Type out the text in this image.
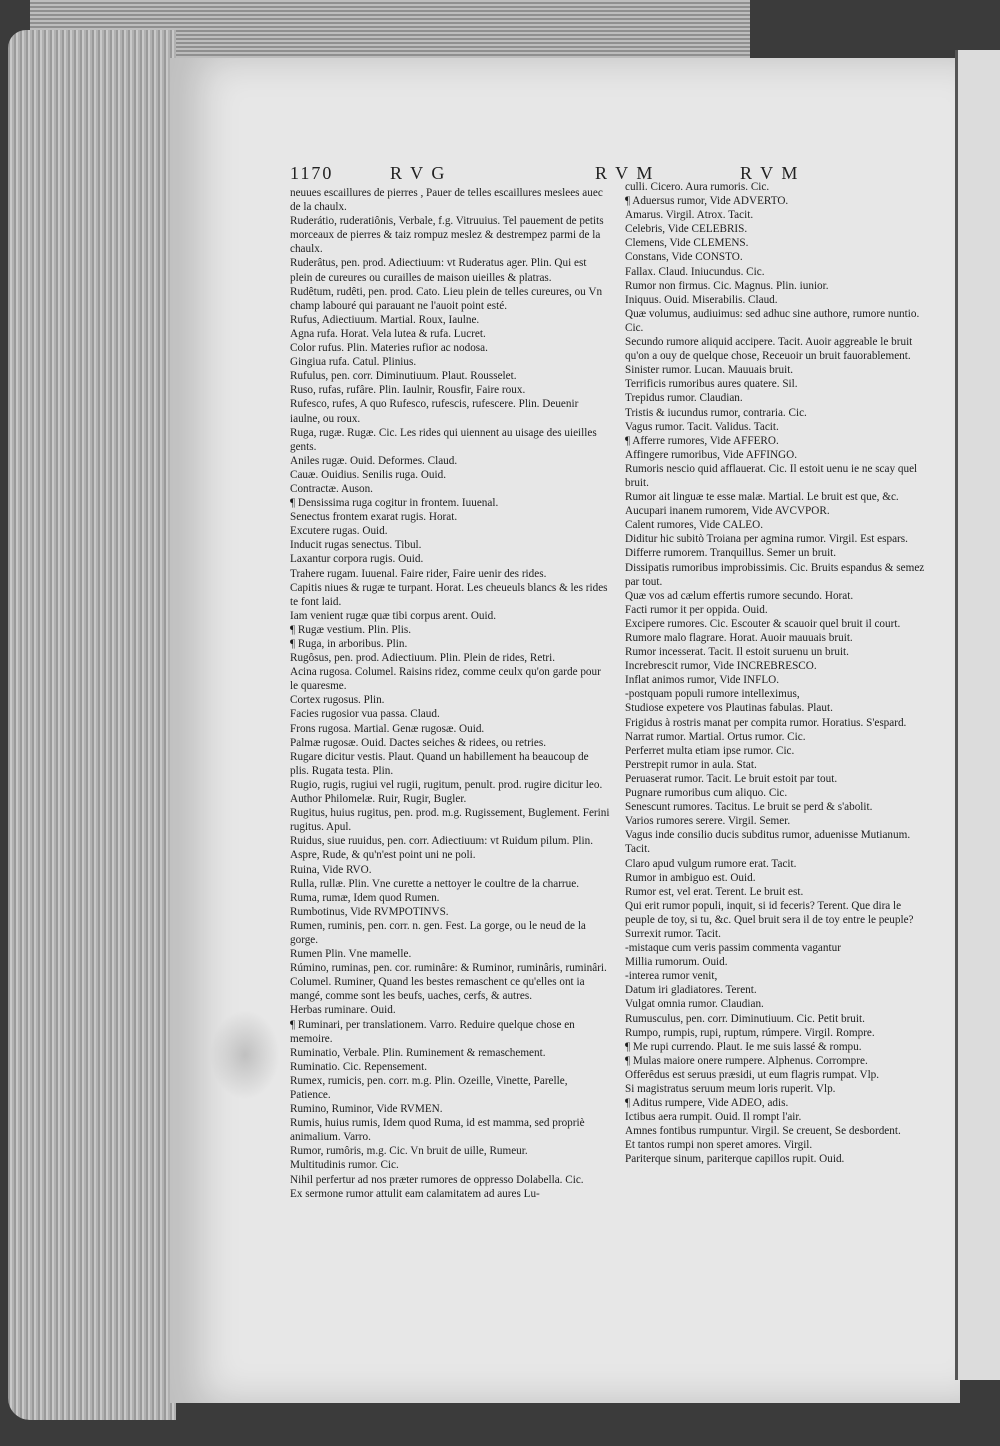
1170	R V G	R V M	R V M

neuues escaillures de pierres , Pauer de telles escaillures meslees auec de la chaulx.

Ruderátio, ruderatiônis, Verbale, f.g. Vitruuius. Tel pauement de petits morceaux de pierres & taiz rompuz meslez & destrempez parmi de la chaulx.

Ruderâtus, pen. prod. Adiectiuum: vt Ruderatus ager. Plin. Qui est plein de cureures ou curailles de maison uieilles & platras.

Rudêtum, rudêti, pen. prod. Cato. Lieu plein de telles cureures, ou Vn champ labouré qui parauant ne l'auoit point esté.

Rufus, Adiectiuum. Martial. Roux, Iaulne.

Agna rufa. Horat. Vela lutea & rufa. Lucret.

Color rufus. Plin. Materies rufior ac nodosa.

Gingiua rufa. Catul. Plinius.

Rufulus, pen. corr. Diminutiuum. Plaut. Rousselet.

Ruso, rufas, rufâre. Plin. Iaulnir, Rousfir, Faire roux.

Rufesco, rufes, A quo Rufesco, rufescis, rufescere. Plin. Deuenir iaulne, ou roux.

Ruga, rugæ. Rugæ. Cic. Les rides qui uiennent au uisage des uieilles gents.

Aniles rugæ. Ouid. Deformes. Claud.

Cauæ. Ouidius. Senilis ruga. Ouid.

Contractæ. Auson.

¶ Densissima ruga cogitur in frontem. Iuuenal.

Senectus frontem exarat rugis. Horat.

Excutere rugas. Ouid.

Inducit rugas senectus. Tibul.

Laxantur corpora rugis. Ouid.

Trahere rugam. Iuuenal. Faire rider, Faire uenir des rides.

Capitis niues & rugæ te turpant. Horat. Les cheueuls blancs & les rides te font laid.

Iam venient rugæ quæ tibi corpus arent. Ouid.

¶ Rugæ vestium. Plin. Plis.

¶ Ruga, in arboribus. Plin.

Rugôsus, pen. prod. Adiectiuum. Plin. Plein de rides, Retri.

Acina rugosa. Columel. Raisins ridez, comme ceulx qu'on garde pour le quaresme.

Cortex rugosus. Plin.

Facies rugosior vua passa. Claud.

Frons rugosa. Martial. Genæ rugosæ. Ouid.

Palmæ rugosæ. Ouid. Dactes seiches & ridees, ou retries.

Rugare dicitur vestis. Plaut. Quand un habillement ha beaucoup de plis. Rugata testa. Plin.

Rugio, rugis, rugiui vel rugii, rugitum, penult. prod. rugire dicitur leo. Author Philomelæ. Ruir, Rugir, Bugler.

Rugitus, huius rugitus, pen. prod. m.g. Rugissement, Buglement. Ferini rugitus. Apul.

Ruidus, siue ruuidus, pen. corr. Adiectiuum: vt Ruidum pilum. Plin. Aspre, Rude, & qu'n'est point uni ne poli.

Ruina, Vide RVO.

Rulla, rullæ. Plin. Vne curette a nettoyer le coultre de la charrue.

Ruma, rumæ, Idem quod Rumen.

Rumbotinus, Vide RVMPOTINVS.

Rumen, ruminis, pen. corr. n. gen. Fest. La gorge, ou le neud de la gorge.

Rumen Plin. Vne mamelle.

Rúmino, ruminas, pen. cor. ruminâre: & Ruminor, ruminâris, ruminâri. Columel. Ruminer, Quand les bestes remaschent ce qu'elles ont ia mangé, comme sont les beufs, uaches, cerfs, & autres.

Herbas ruminare. Ouid.

¶ Ruminari, per translationem. Varro. Reduire quelque chose en memoire.

Ruminatio, Verbale. Plin. Ruminement & remaschement.

Ruminatio. Cic. Repensement.

Rumex, rumicis, pen. corr. m.g. Plin. Ozeille, Vinette, Parelle, Patience.

Rumino, Ruminor, Vide RVMEN.

Rumis, huius rumis, Idem quod Ruma, id est mamma, sed propriè animalium. Varro.

Rumor, rumôris, m.g. Cic. Vn bruit de uille, Rumeur.

Multitudinis rumor. Cic.

Nihil perfertur ad nos præter rumores de oppresso Dolabella. Cic.

Ex sermone rumor attulit eam calamitatem ad aures Lu-

culli. Cicero. Aura rumoris. Cic.

¶ Aduersus rumor, Vide ADVERTO.

Amarus. Virgil. Atrox. Tacit.

Celebris, Vide CELEBRIS.

Clemens, Vide CLEMENS.

Constans, Vide CONSTO.

Fallax. Claud. Iniucundus. Cic.

Rumor non firmus. Cic. Magnus. Plin. iunior.

Iniquus. Ouid. Miserabilis. Claud.

Quæ volumus, audiuimus: sed adhuc sine authore, rumore nuntio. Cic.

Secundo rumore aliquid accipere. Tacit. Auoir aggreable le bruit qu'on a ouy de quelque chose, Receuoir un bruit fauorablement.

Sinister rumor. Lucan. Mauuais bruit.

Terrificis rumoribus aures quatere. Sil.

Trepidus rumor. Claudian.

Tristis & iucundus rumor, contraria. Cic.

Vagus rumor. Tacit. Validus. Tacit.

¶ Afferre rumores, Vide AFFERO.

Affingere rumoribus, Vide AFFINGO.

Rumoris nescio quid afflauerat. Cic. Il estoit uenu ie ne scay quel bruit.

Rumor ait linguæ te esse malæ. Martial. Le bruit est que, &c.

Aucupari inanem rumorem, Vide AVCVPOR.

Calent rumores, Vide CALEO.

Diditur hic subitò Troiana per agmina rumor. Virgil. Est espars.

Differre rumorem. Tranquillus. Semer un bruit.

Dissipatis rumoribus improbissimis. Cic. Bruits espandus & semez par tout.

Quæ vos ad cælum effertis rumore secundo. Horat.

Facti rumor it per oppida. Ouid.

Excipere rumores. Cic. Escouter & scauoir quel bruit il court.

Rumore malo flagrare. Horat. Auoir mauuais bruit.

Rumor incesserat. Tacit. Il estoit suruenu un bruit.

Increbrescit rumor, Vide INCREBRESCO.

Inflat animos rumor, Vide INFLO.

-postquam populi rumore intelleximus,

Studiose expetere vos Plautinas fabulas. Plaut.

Frigidus à rostris manat per compita rumor. Horatius. S'espard.

Narrat rumor. Martial. Ortus rumor. Cic.

Perferret multa etiam ipse rumor. Cic.

Perstrepit rumor in aula. Stat.

Peruaserat rumor. Tacit. Le bruit estoit par tout.

Pugnare rumoribus cum aliquo. Cic.

Senescunt rumores. Tacitus. Le bruit se perd & s'abolit.

Varios rumores serere. Virgil. Semer.

Vagus inde consilio ducis subditus rumor, aduenisse Mutianum. Tacit.

Claro apud vulgum rumore erat. Tacit.

Rumor in ambiguo est. Ouid.

Rumor est, vel erat. Terent. Le bruit est.

Qui erit rumor populi, inquit, si id feceris? Terent. Que dira le peuple de toy, si tu, &c. Quel bruit sera il de toy entre le peuple? Surrexit rumor. Tacit.

-mistaque cum veris passim commenta vagantur

Millia rumorum. Ouid.

-interea rumor venit,

Datum iri gladiatores. Terent.

Vulgat omnia rumor. Claudian.

Rumusculus, pen. corr. Diminutiuum. Cic. Petit bruit.

Rumpo, rumpis, rupi, ruptum, rúmpere. Virgil. Rompre.

¶ Me rupi currendo. Plaut. Ie me suis lassé & rompu.

¶ Mulas maiore onere rumpere. Alphenus. Corrompre.

Offerêdus est seruus præsidi, ut eum flagris rumpat. Vlp.

Si magistratus seruum meum loris ruperit. Vlp.

¶ Aditus rumpere, Vide ADEO, adis.

Ictibus aera rumpit. Ouid. Il rompt l'air.

Amnes fontibus rumpuntur. Virgil. Se creuent, Se desbordent.

Et tantos rumpi non speret amores. Virgil.

Pariterque sinum, pariterque capillos rupit. Ouid.
